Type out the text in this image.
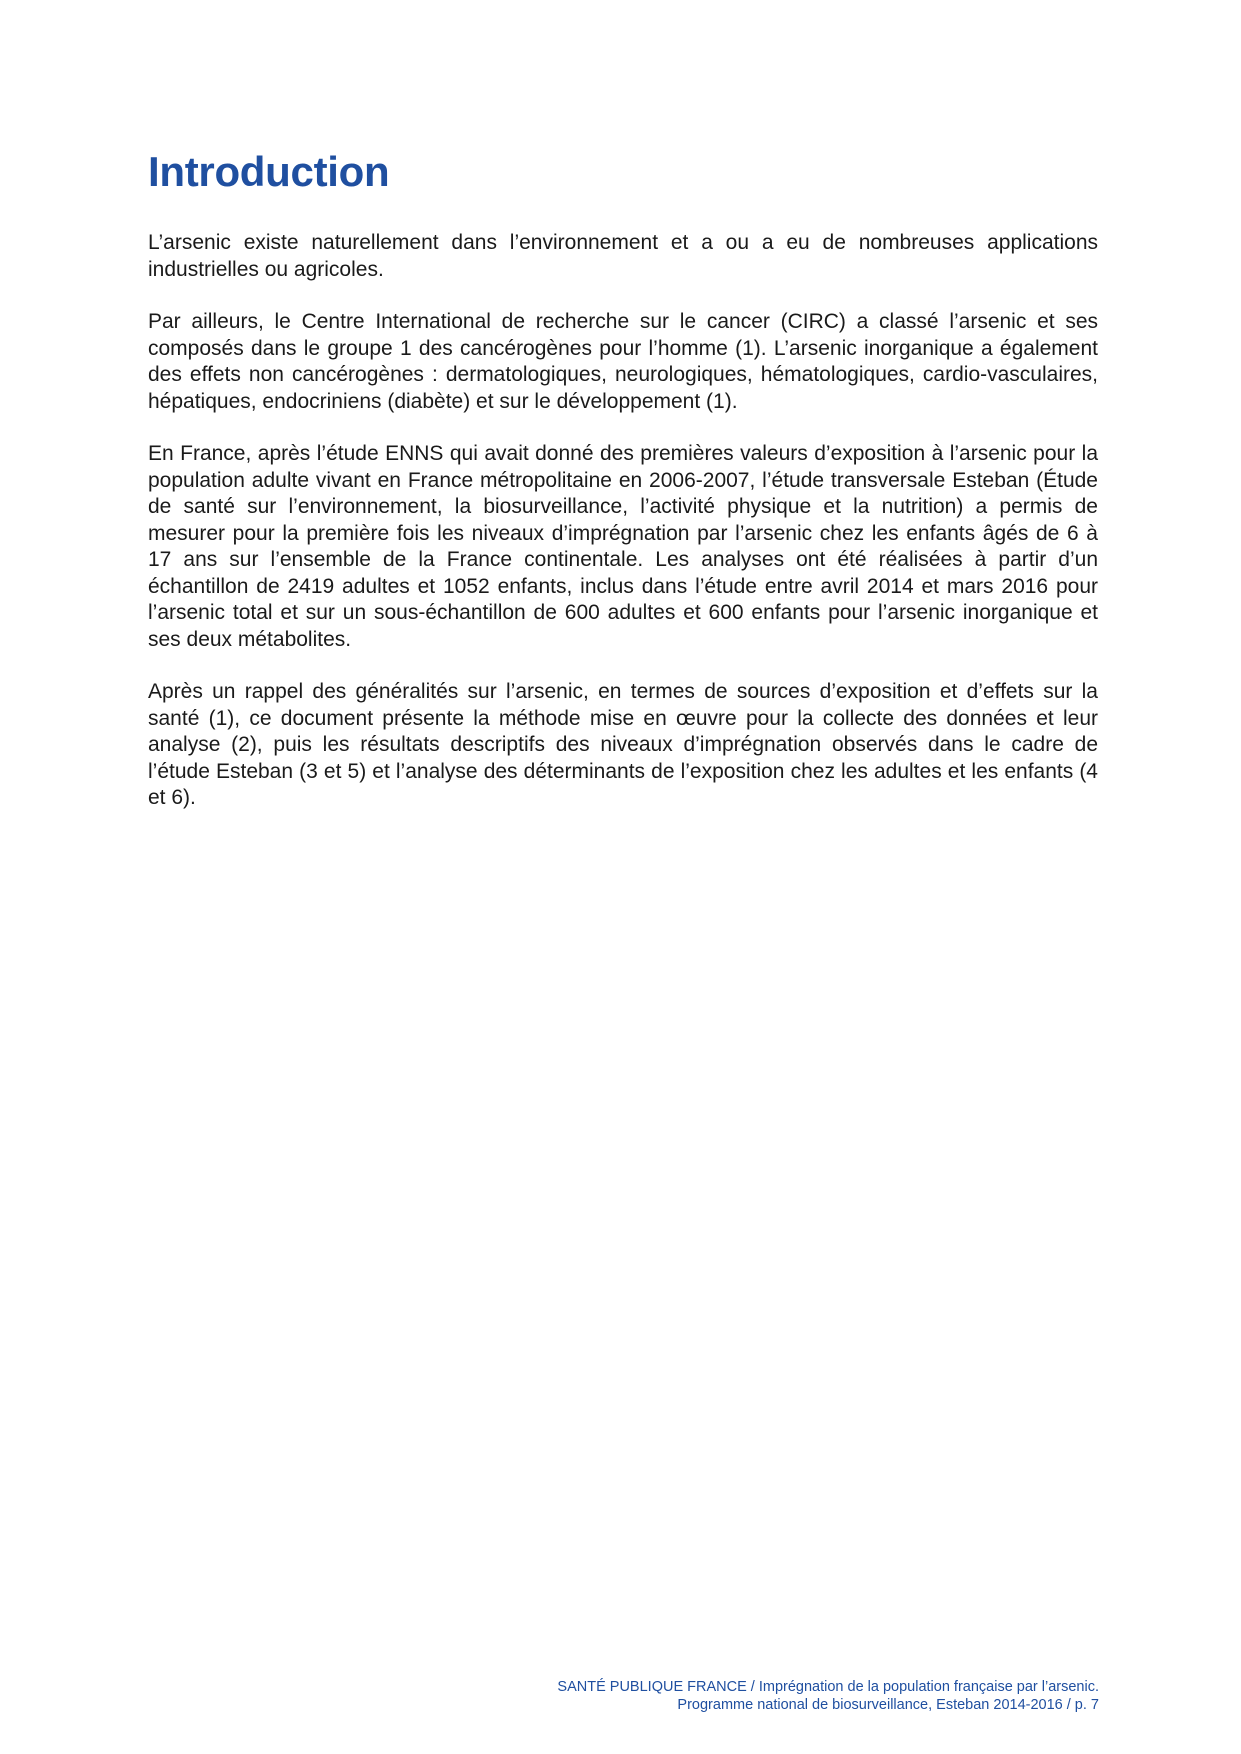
Introduction

L’arsenic existe naturellement dans l’environnement et a ou a eu de nombreuses applications industrielles ou agricoles.

Par ailleurs, le Centre International de recherche sur le cancer (CIRC) a classé l’arsenic et ses composés dans le groupe 1 des cancérogènes pour l’homme (1). L’arsenic inorganique a également des effets non cancérogènes : dermatologiques, neurologiques, hématologiques, cardio-vasculaires, hépatiques, endocriniens (diabète) et sur le développement (1).

En France, après l’étude ENNS qui avait donné des premières valeurs d’exposition à l’arsenic pour la population adulte vivant en France métropolitaine en 2006-2007, l’étude transversale Esteban (Étude de santé sur l’environnement, la biosurveillance, l’activité physique et la nutrition) a permis de mesurer pour la première fois les niveaux d’imprégnation par l’arsenic chez les enfants âgés de 6 à 17 ans sur l’ensemble de la France continentale. Les analyses ont été réalisées à partir d’un échantillon de 2419 adultes et 1052 enfants, inclus dans l’étude entre avril 2014 et mars 2016 pour l’arsenic total et sur un sous-échantillon de 600 adultes et 600 enfants pour l’arsenic inorganique et ses deux métabolites.

Après un rappel des généralités sur l’arsenic, en termes de sources d’exposition et d’effets sur la santé (1), ce document présente la méthode mise en œuvre pour la collecte des données et leur analyse (2), puis les résultats descriptifs des niveaux d’imprégnation observés dans le cadre de l’étude Esteban (3 et 5) et l’analyse des déterminants de l’exposition chez les adultes et les enfants (4 et 6).

SANTÉ PUBLIQUE FRANCE / Imprégnation de la population française par l’arsenic.
Programme national de biosurveillance, Esteban 2014-2016 / p. 7
